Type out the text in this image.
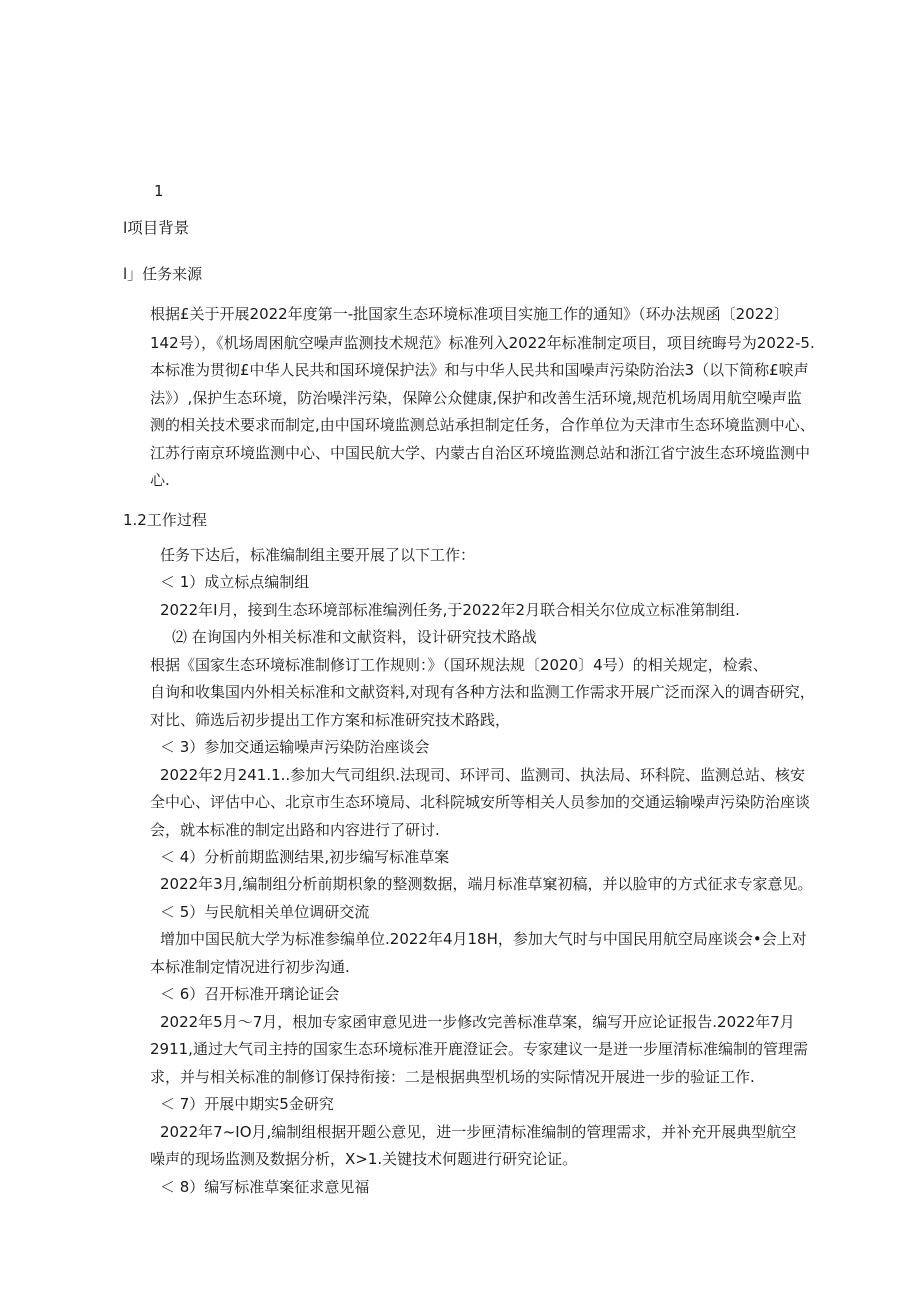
1
l项目背景
l」任务来源
根据£关于开展2022年度第一-批国家生态环境标准项目实施工作的通知》（环办法规函〔2022〕
142号），《机场周困航空噪声监测技术规范》标准列入2022年标准制定项目，项目统晦号为2022-5.
本标准为贯彻£中华人民共和国环境保护法》和与中华人民共和国噪声污染防治法3（以下简称£唳声
法》）,保护生态环境，防治噪泮污染，保障公众健康,保护和改善生活环境,规范机场周用航空噪声监
测的相关技术要求而制定,由中国环境监测总站承担制定任务，合作单位为天津市生态环境监测中心、
江苏行南京环境监测中心、中国民航大学、内蒙古自治区环境监测总站和浙江省宁波生态环境监测中
心.
1.2工作过程
任务下达后，标准编制组主要开展了以下工作：
＜ 1）成立标点编制组
2022年I月，接到生态环境部标准编洌任务,于2022年2月联合相关尔位成立标准第制组.
⑵ 在询国内外相关标准和文献资料，设计研究技术路战
根据《国家生态环境标准制修订工作规则：》（国环规法规〔2020〕4号）的相关规定，检索、
自询和收集国内外相关标准和文献资料,对现有各种方法和监测工作需求开展广泛而深入的调杳研究，
对比、筛选后初步提出工作方案和标准研究技术路践，
＜ 3）参加交通运输噪声污染防治座谈会
2022年2月241.1..参加大气司组织.法现司、环评司、监测司、执法局、环科院、监测总站、核安
全中心、评估中心、北京市生态环境局、北科院城安所等相关人员参加的交通运输噪声污染防治座谈
会，就本标准的制定出路和内容进行了研讨.
＜ 4）分析前期监测结果,初步编写标准草案
2022年3月,编制组分析前期枳象的整测数据，端月标准草窠初稿，并以脸审的方式征求专家意见。
＜ 5）与民航相关单位调研交流
增加中国民航大学为标准参编单位.2022年4月18H，参加大气时与中国民用航空局座谈会•会上对
本标准制定情况进行初步沟通.
＜ 6）召开标准开璃论证会
2022年5月〜7月，根加专家函审意见进一步修改完善标准草案，编写开应论证报告.2022年7月
2911,通过大气司主持的国家生态环境标准开鹿澄证会。专家建议一是迸一步厘清标准编制的管理需
求，并与相关标准的制修订保持衔接：二是根据典型机场的实际情况开展进一步的验证工作.
＜ 7）开展中期实5金研究
2022年7~IO月,编制组根据开题公意见，进一步匣清标准编制的管理需求，并补充开展典型航空
噪声的现场监测及数据分析，X>1.关键技术何题进行研究论证。
＜ 8）编写标准草案征求意见福
